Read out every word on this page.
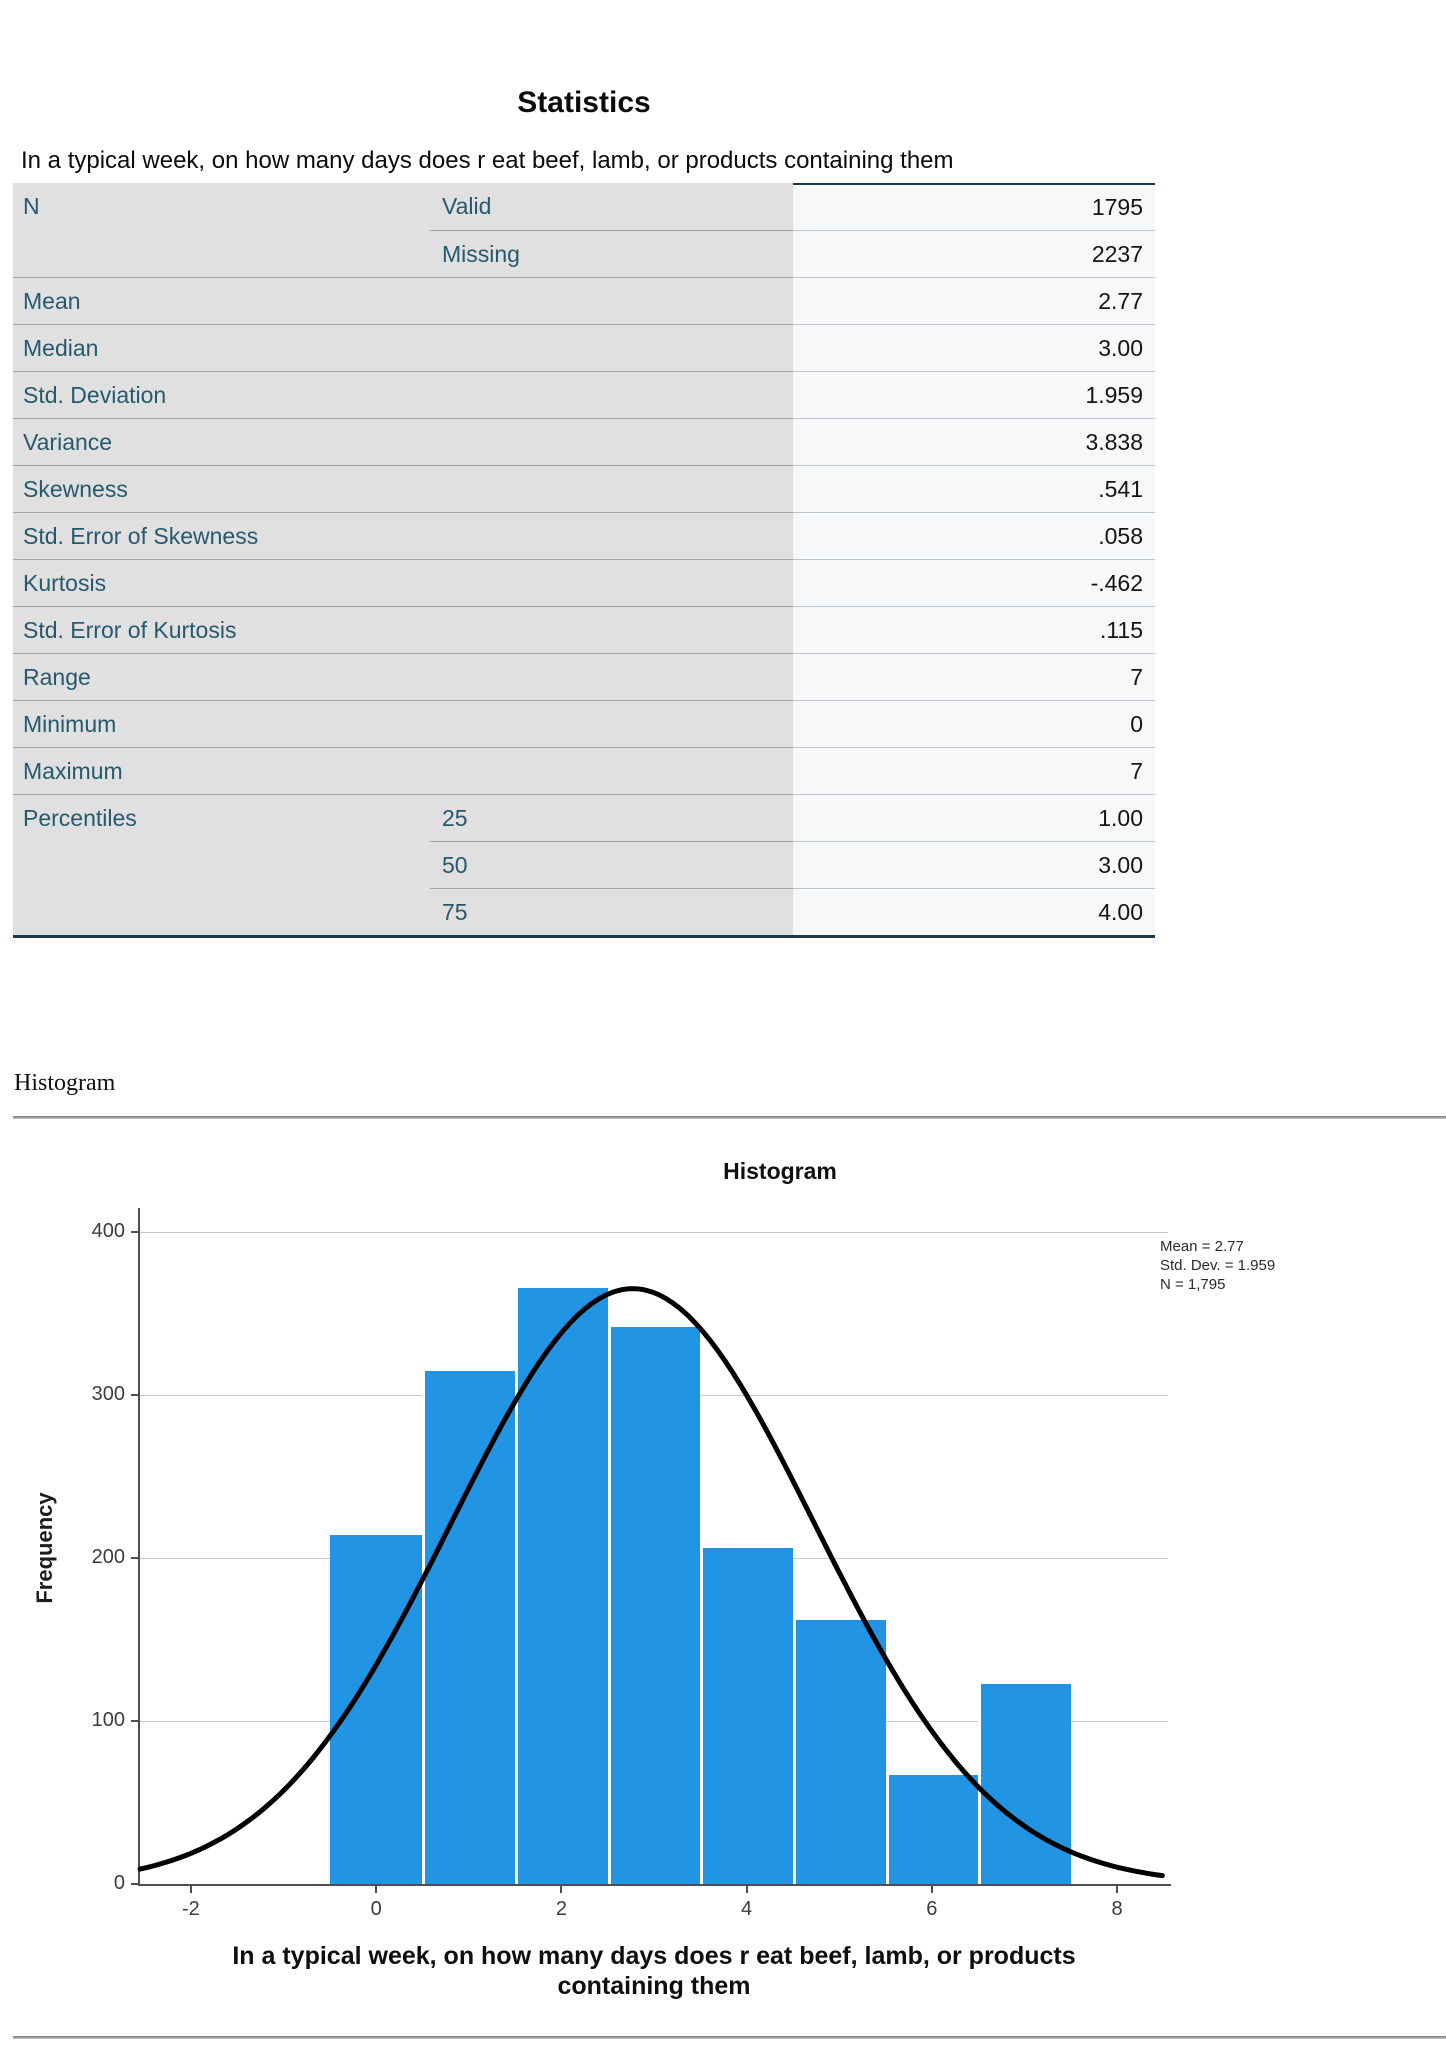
Statistics
In a typical week, on how many days does r eat beef, lamb, or products containing them
N	Valid	1795
Missing	2237
Mean	2.77
Median	3.00
Std. Deviation	1.959
Variance	3.838
Skewness	.541
Std. Error of Skewness	.058
Kurtosis	-.462
Std. Error of Kurtosis	.115
Range	7
Minimum	0
Maximum	7
Percentiles	25	1.00
50	3.00
75	4.00
Histogram
Histogram
Frequency
0
100
200
300
400
-2	0	2	4	6	8
Mean = 2.77
Std. Dev. = 1.959
N = 1,795
In a typical week, on how many days does r eat beef, lamb, or products containing them
